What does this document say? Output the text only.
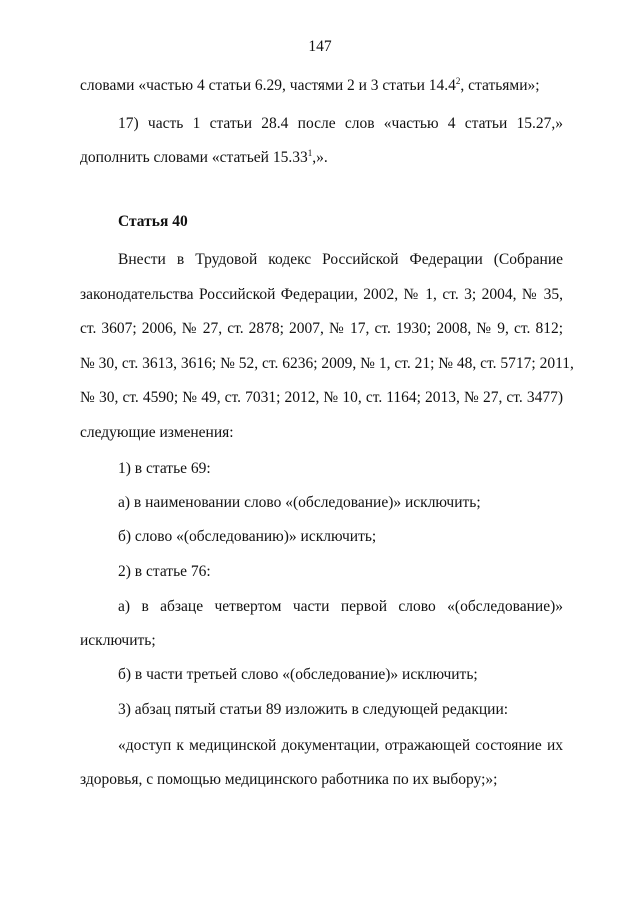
147
словами «частью 4 статьи 6.29, частями 2 и 3 статьи 14.4$^2$, статьями»;
17) часть 1 статьи 28.4 после слов «частью 4 статьи 15.27,»
дополнить словами «статьей 15.33$^1$,».
Статья 40
Внести в Трудовой кодекс Российской Федерации (Собрание
законодательства Российской Федерации, 2002, № 1, ст. 3; 2004, № 35,
ст. 3607; 2006, № 27, ст. 2878; 2007, № 17, ст. 1930; 2008, № 9, ст. 812;
№ 30, ст. 3613, 3616; № 52, ст. 6236; 2009, № 1, ст. 21; № 48, ст. 5717; 2011,
№ 30, ст. 4590; № 49, ст. 7031; 2012, № 10, ст. 1164; 2013, № 27, ст. 3477)
следующие изменения:
1) в статье 69:
а) в наименовании слово «(обследование)» исключить;
б) слово «(обследованию)» исключить;
2) в статье 76:
а) в абзаце четвертом части первой слово «(обследование)»
исключить;
б) в части третьей слово «(обследование)» исключить;
3) абзац пятый статьи 89 изложить в следующей редакции:
«доступ к медицинской документации, отражающей состояние их
здоровья, с помощью медицинского работника по их выбору;»;
